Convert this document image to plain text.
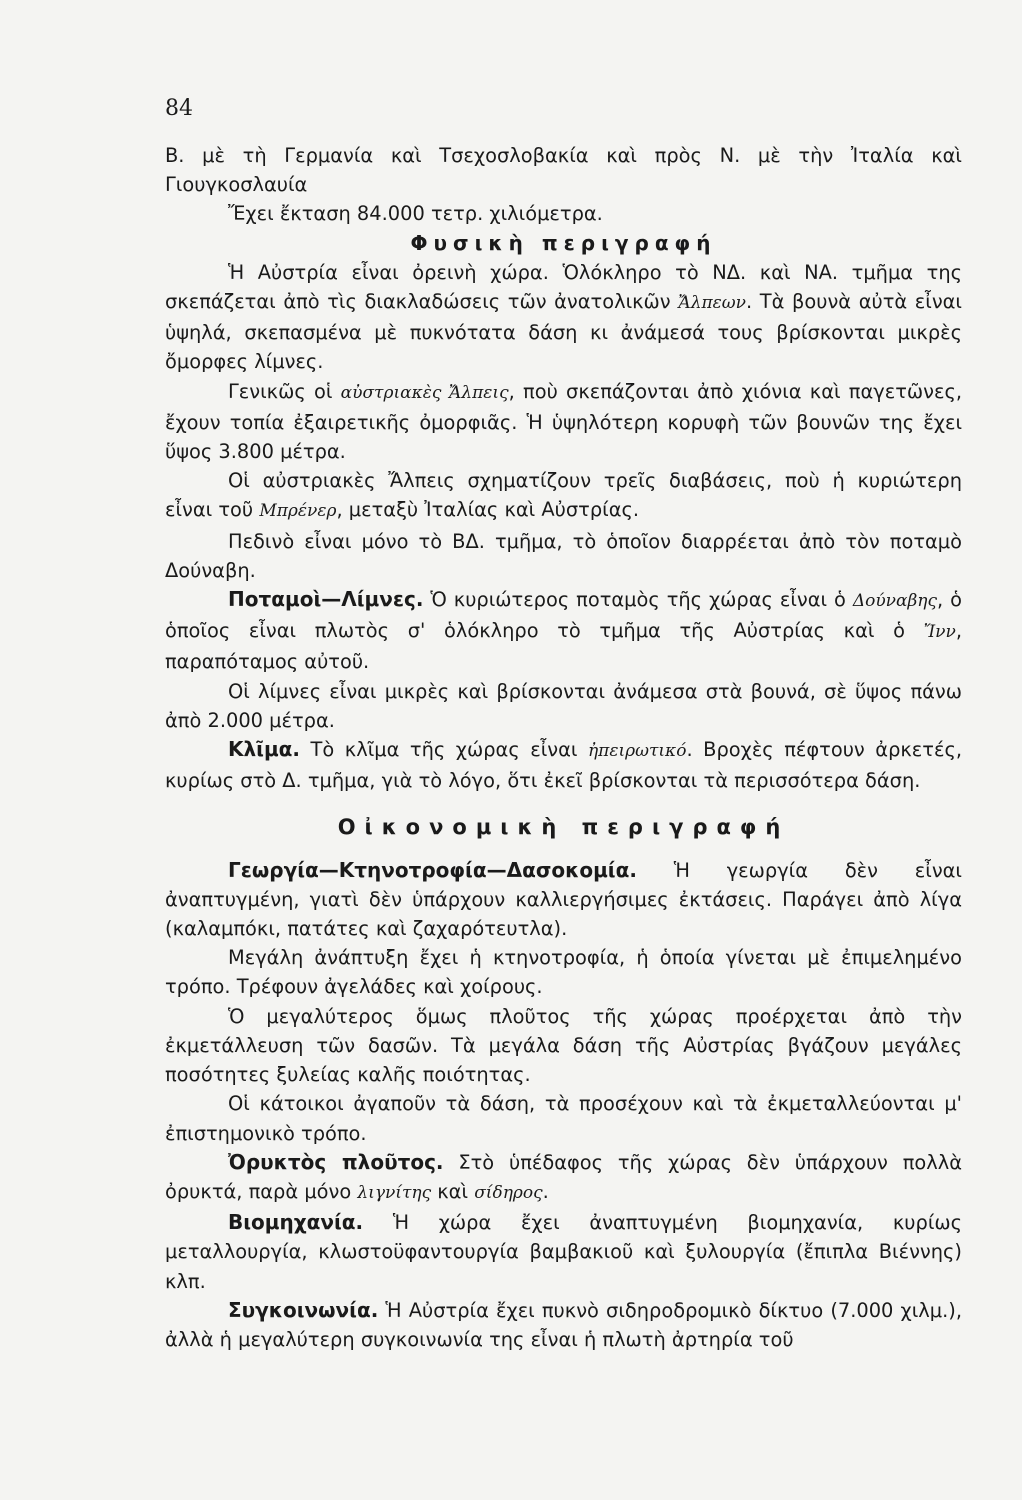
84

Β. μὲ τὴ Γερμανία καὶ Τσεχοσλοβακία καὶ πρὸς Ν. μὲ τὴν Ἰταλία καὶ Γιουγκοσλαυία

Ἔχει ἔκταση 84.000 τετρ. χιλιόμετρα.

Φυσικὴ περιγραφή

Ἡ Αὐστρία εἶναι ὀρεινὴ χώρα. Ὁλόκληρο τὸ ΝΔ. καὶ ΝΑ. τμῆμα της σκεπάζεται ἀπὸ τὶς διακλαδώσεις τῶν ἀνατολικῶν Ἄλπεων. Τὰ βουνὰ αὐτὰ εἶναι ὑψηλά, σκεπασμένα μὲ πυκνότατα δάση κι ἀνάμεσά τους βρίσκονται μικρὲς ὄμορφες λίμνες.

Γενικῶς οἱ αὐστριακὲς Ἄλπεις, ποὺ σκεπάζονται ἀπὸ χιόνια καὶ παγετῶνες, ἔχουν τοπία ἐξαιρετικῆς ὀμορφιᾶς. Ἡ ὑψηλότερη κορυφὴ τῶν βουνῶν της ἔχει ὕψος 3.800 μέτρα.

Οἱ αὐστριακὲς Ἄλπεις σχηματίζουν τρεῖς διαβάσεις, ποὺ ἡ κυριώτερη εἶναι τοῦ Μπρένερ, μεταξὺ Ἰταλίας καὶ Αὐστρίας.

Πεδινὸ εἶναι μόνο τὸ ΒΔ. τμῆμα, τὸ ὁποῖον διαρρέεται ἀπὸ τὸν ποταμὸ Δούναβη.

Ποταμοὶ—Λίμνες. Ὁ κυριώτερος ποταμὸς τῆς χώρας εἶναι ὁ Δούναβης, ὁ ὁποῖος εἶναι πλωτὸς σ' ὁλόκληρο τὸ τμῆμα τῆς Αὐστρίας καὶ ὁ Ἴνν, παραπόταμος αὐτοῦ.

Οἱ λίμνες εἶναι μικρὲς καὶ βρίσκονται ἀνάμεσα στὰ βουνά, σὲ ὕψος πάνω ἀπὸ 2.000 μέτρα.

Κλῖμα. Τὸ κλῖμα τῆς χώρας εἶναι ἠπειρωτικό. Βροχὲς πέφτουν ἀρκετές, κυρίως στὸ Δ. τμῆμα, γιὰ τὸ λόγο, ὅτι ἐκεῖ βρίσκονται τὰ περισσότερα δάση.

Οἰκονομικὴ περιγραφή

Γεωργία—Κτηνοτροφία—Δασοκομία. Ἡ γεωργία δὲν εἶναι ἀναπτυγμένη, γιατὶ δὲν ὑπάρχουν καλλιεργήσιμες ἐκτάσεις. Παράγει ἀπὸ λίγα (καλαμπόκι, πατάτες καὶ ζαχαρότευτλα).

Μεγάλη ἀνάπτυξη ἔχει ἡ κτηνοτροφία, ἡ ὁποία γίνεται μὲ ἐπιμελημένο τρόπο. Τρέφουν ἀγελάδες καὶ χοίρους.

Ὁ μεγαλύτερος ὅμως πλοῦτος τῆς χώρας προέρχεται ἀπὸ τὴν ἐκμετάλλευση τῶν δασῶν. Τὰ μεγάλα δάση τῆς Αὐστρίας βγάζουν μεγάλες ποσότητες ξυλείας καλῆς ποιότητας.

Οἱ κάτοικοι ἀγαποῦν τὰ δάση, τὰ προσέχουν καὶ τὰ ἐκμεταλλεύονται μ' ἐπιστημονικὸ τρόπο.

Ὀρυκτὸς πλοῦτος. Στὸ ὑπέδαφος τῆς χώρας δὲν ὑπάρχουν πολλὰ ὀρυκτά, παρὰ μόνο λιγνίτης καὶ σίδηρος.

Βιομηχανία. Ἡ χώρα ἔχει ἀναπτυγμένη βιομηχανία, κυρίως μεταλλουργία, κλωστοϋφαντουργία βαμβακιοῦ καὶ ξυλουργία (ἔπιπλα Βιέννης) κλπ.

Συγκοινωνία. Ἡ Αὐστρία ἔχει πυκνὸ σιδηροδρομικὸ δίκτυο (7.000 χιλμ.), ἀλλὰ ἡ μεγαλύτερη συγκοινωνία της εἶναι ἡ πλωτὴ ἀρτηρία τοῦ
